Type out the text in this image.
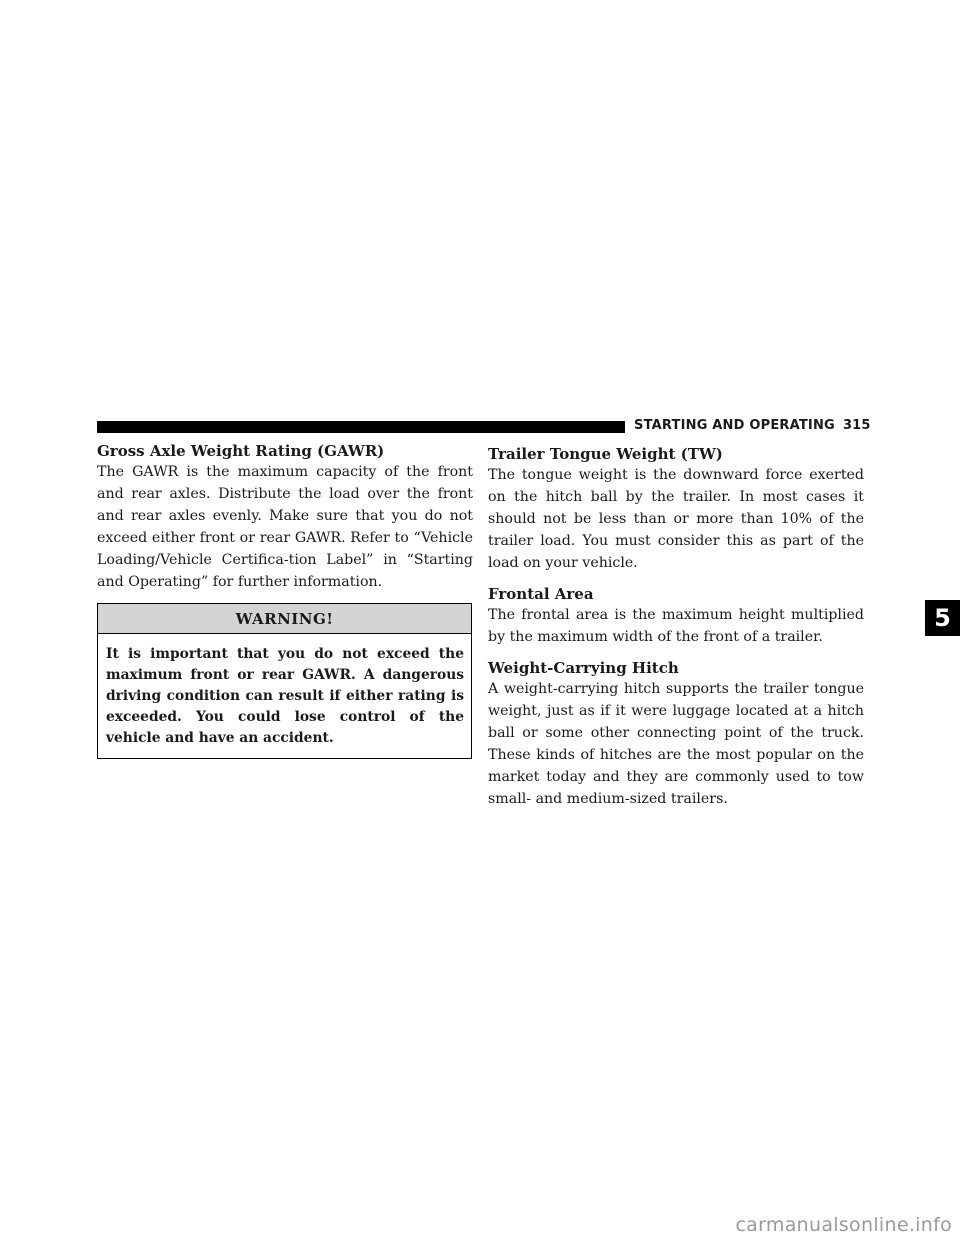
STARTING AND OPERATING 315

Gross Axle Weight Rating (GAWR)

The GAWR is the maximum capacity of the front and rear axles. Distribute the load over the front and rear axles evenly. Make sure that you do not exceed either front or rear GAWR. Refer to “Vehicle Loading/Vehicle Certifica-tion Label” in “Starting and Operating” for further information.

WARNING!
It is important that you do not exceed the maximum front or rear GAWR. A dangerous driving condition can result if either rating is exceeded. You could lose control of the vehicle and have an accident.

Trailer Tongue Weight (TW)

The tongue weight is the downward force exerted on the hitch ball by the trailer. In most cases it should not be less than or more than 10% of the trailer load. You must consider this as part of the load on your vehicle.

Frontal Area

The frontal area is the maximum height multiplied by the maximum width of the front of a trailer.

Weight-Carrying Hitch

A weight-carrying hitch supports the trailer tongue weight, just as if it were luggage located at a hitch ball or some other connecting point of the truck. These kinds of hitches are the most popular on the market today and they are commonly used to tow small- and medium-sized trailers.

5
carmanualsonline.info
